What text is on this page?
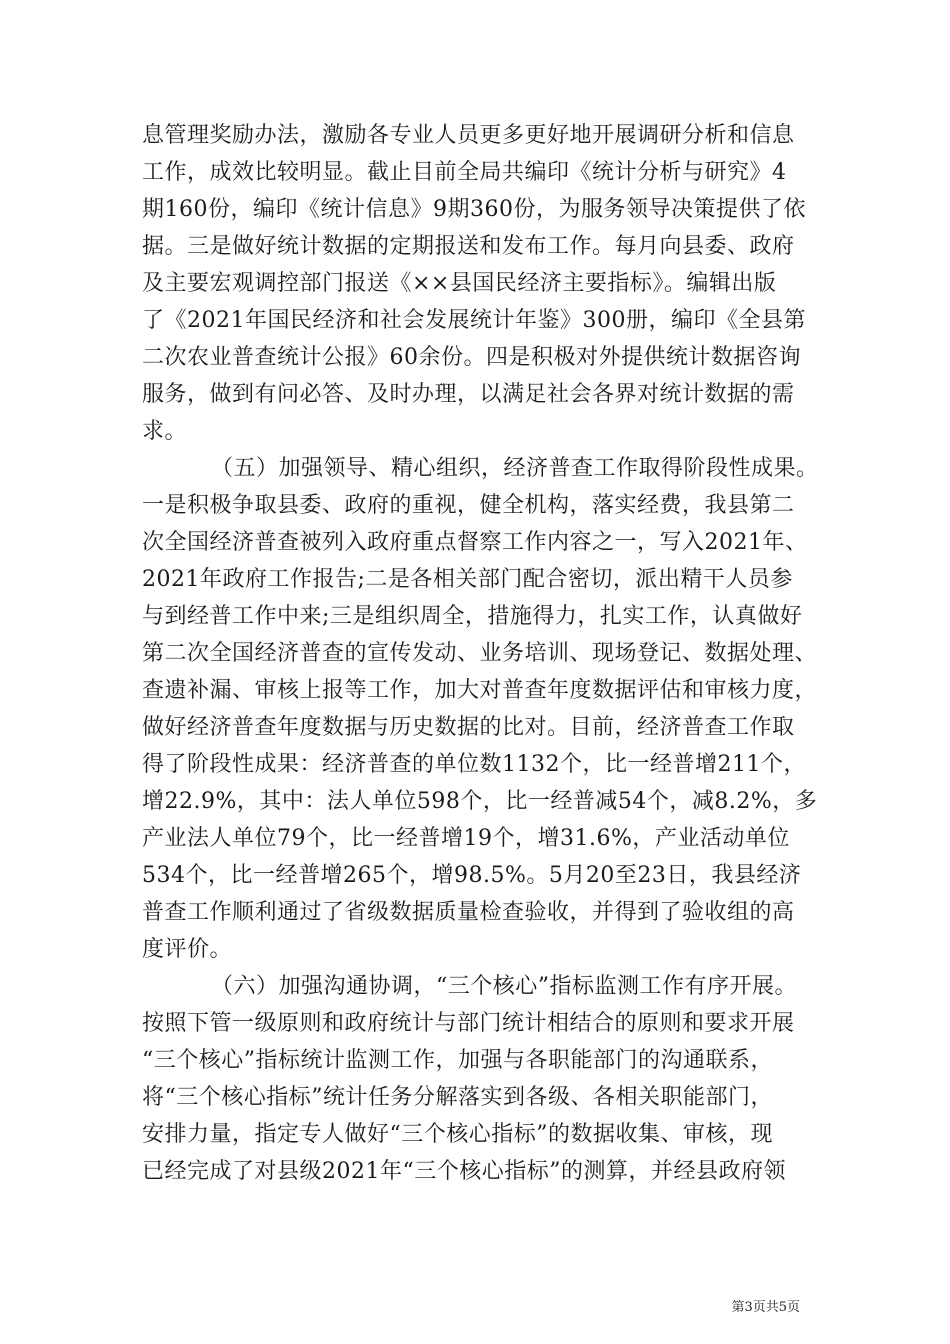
息管理奖励办法，激励各专业人员更多更好地开展调研分析和信息
工作，成效比较明显。截止目前全局共编印《统计分析与研究》4
期160份，编印《统计信息》9期360份，为服务领导决策提供了依
据。三是做好统计数据的定期报送和发布工作。每月向县委、政府
及主要宏观调控部门报送《××县国民经济主要指标》。编辑出版
了《2021年国民经济和社会发展统计年鉴》300册，编印《全县第
二次农业普查统计公报》60余份。四是积极对外提供统计数据咨询
服务，做到有问必答、及时办理，以满足社会各界对统计数据的需
求。
（五）加强领导、精心组织，经济普查工作取得阶段性成果。
一是积极争取县委、政府的重视，健全机构，落实经费，我县第二
次全国经济普查被列入政府重点督察工作内容之一，写入2021年、
2021年政府工作报告;二是各相关部门配合密切，派出精干人员参
与到经普工作中来;三是组织周全，措施得力，扎实工作，认真做好
第二次全国经济普查的宣传发动、业务培训、现场登记、数据处理、
查遗补漏、审核上报等工作，加大对普查年度数据评估和审核力度，
做好经济普查年度数据与历史数据的比对。目前，经济普查工作取
得了阶段性成果：经济普查的单位数1132个，比一经普增211个，
增22.9%，其中：法人单位598个，比一经普减54个，减8.2%，多
产业法人单位79个，比一经普增19个，增31.6%，产业活动单位
534个，比一经普增265个，增98.5%。5月20至23日，我县经济
普查工作顺利通过了省级数据质量检查验收，并得到了验收组的高
度评价。
（六）加强沟通协调，“三个核心”指标监测工作有序开展。
按照下管一级原则和政府统计与部门统计相结合的原则和要求开展
“三个核心”指标统计监测工作，加强与各职能部门的沟通联系，
将“三个核心指标”统计任务分解落实到各级、各相关职能部门，
安排力量，指定专人做好“三个核心指标”的数据收集、审核，现
已经完成了对县级2021年“三个核心指标”的测算，并经县政府领
第3页共5页
